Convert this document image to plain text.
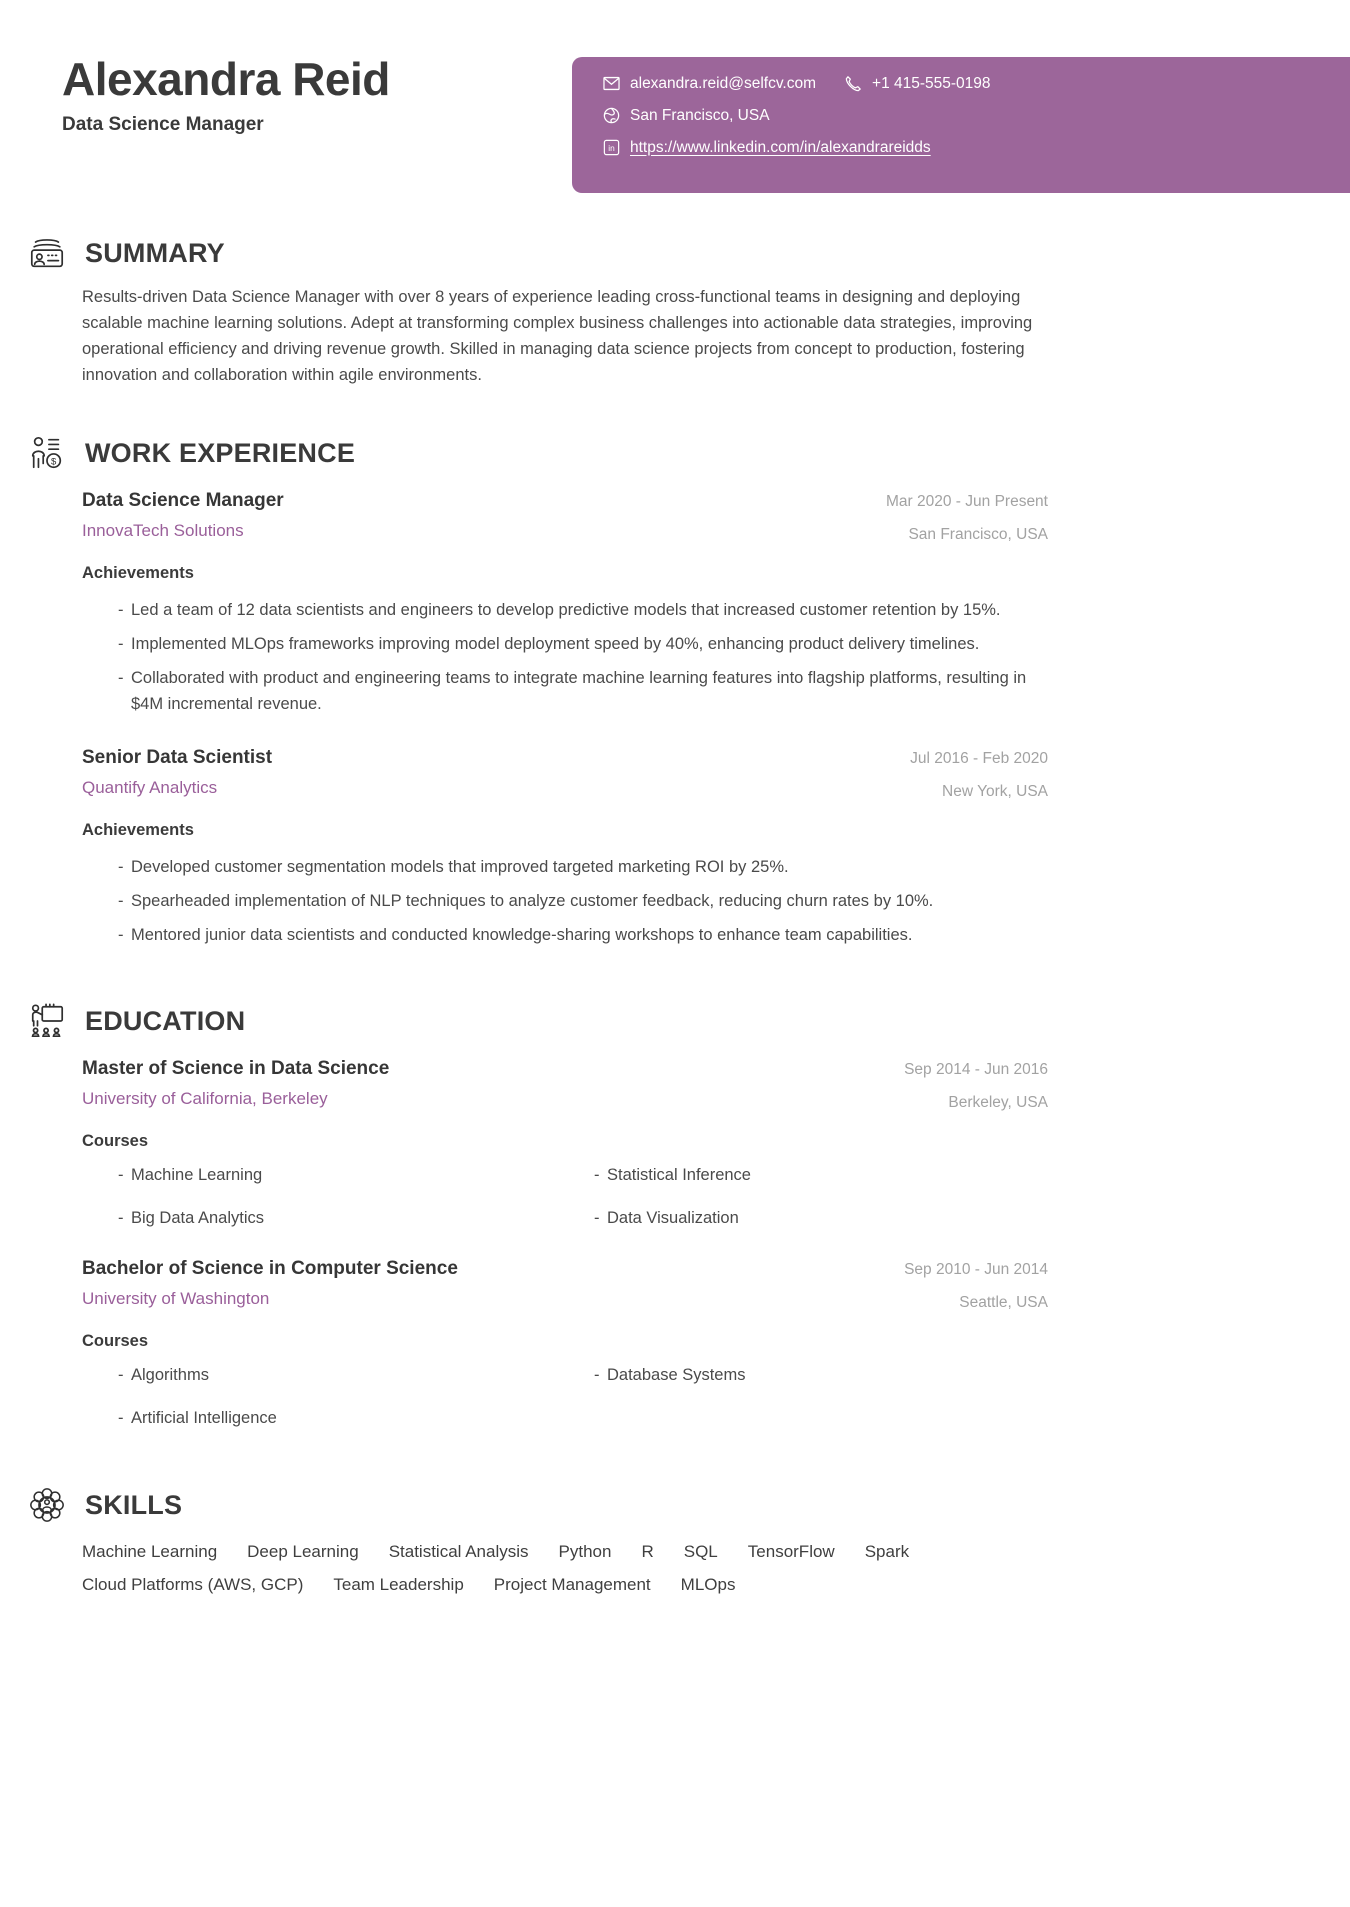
Alexandra Reid
Data Science Manager
alexandra.reid@selfcv.com	+1 415-555-0198
San Francisco, USA
in https://www.linkedin.com/in/alexandrareidds
SUMMARY
Results-driven Data Science Manager with over 8 years of experience leading cross-functional teams in designing and deploying scalable machine learning solutions. Adept at transforming complex business challenges into actionable data strategies, improving operational efficiency and driving revenue growth. Skilled in managing data science projects from concept to production, fostering innovation and collaboration within agile environments.
$ WORK EXPERIENCE
Data Science Manager
InnovaTech Solutions
Mar 2020 - Jun Present
San Francisco, USA
Achievements
- Led a team of 12 data scientists and engineers to develop predictive models that increased customer retention by 15%.
- Implemented MLOps frameworks improving model deployment speed by 40%, enhancing product delivery timelines.
- Collaborated with product and engineering teams to integrate machine learning features into flagship platforms, resulting in $4M incremental revenue.
Senior Data Scientist
Quantify Analytics
Jul 2016 - Feb 2020
New York, USA
Achievements
- Developed customer segmentation models that improved targeted marketing ROI by 25%.
- Spearheaded implementation of NLP techniques to analyze customer feedback, reducing churn rates by 10%.
- Mentored junior data scientists and conducted knowledge-sharing workshops to enhance team capabilities.
EDUCATION
Master of Science in Data Science
University of California, Berkeley
Sep 2014 - Jun 2016
Berkeley, USA
Courses
- Machine Learning	- Statistical Inference
- Big Data Analytics	- Data Visualization
Bachelor of Science in Computer Science
University of Washington
Sep 2010 - Jun 2014
Seattle, USA
Courses
- Algorithms	- Database Systems
- Artificial Intelligence
SKILLS
Machine Learning Deep Learning Statistical Analysis Python R SQL TensorFlow Spark
Cloud Platforms (AWS, GCP) Team Leadership Project Management MLOps
